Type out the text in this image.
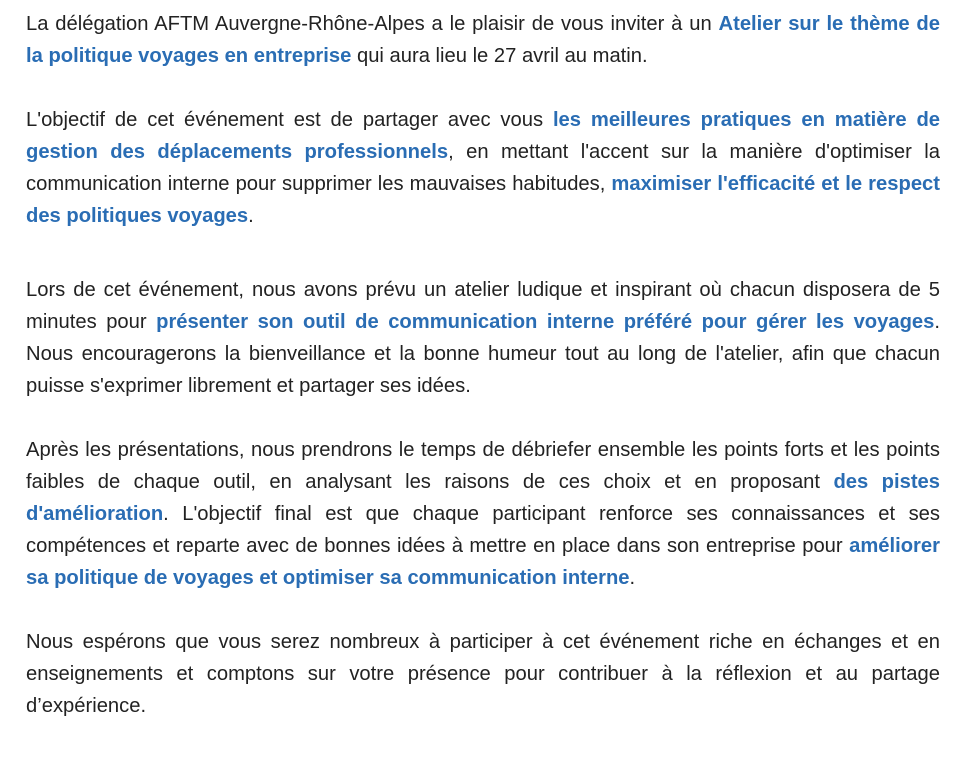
La délégation AFTM Auvergne-Rhône-Alpes a le plaisir de vous inviter à un Atelier sur le thème de la politique voyages en entreprise qui aura lieu le 27 avril au matin.

L'objectif de cet événement est de partager avec vous les meilleures pratiques en matière de gestion des déplacements professionnels, en mettant l'accent sur la manière d'optimiser la communication interne pour supprimer les mauvaises habitudes, maximiser l'efficacité et le respect des politiques voyages.

Lors de cet événement, nous avons prévu un atelier ludique et inspirant où chacun disposera de 5 minutes pour présenter son outil de communication interne préféré pour gérer les voyages. Nous encouragerons la bienveillance et la bonne humeur tout au long de l'atelier, afin que chacun puisse s'exprimer librement et partager ses idées.

Après les présentations, nous prendrons le temps de débriefer ensemble les points forts et les points faibles de chaque outil, en analysant les raisons de ces choix et en proposant des pistes d'amélioration. L'objectif final est que chaque participant renforce ses connaissances et ses compétences et reparte avec de bonnes idées à mettre en place dans son entreprise pour améliorer sa politique de voyages et optimiser sa communication interne.

Nous espérons que vous serez nombreux à participer à cet événement riche en échanges et en enseignements et comptons sur votre présence pour contribuer à la réflexion et au partage d’expérience.
